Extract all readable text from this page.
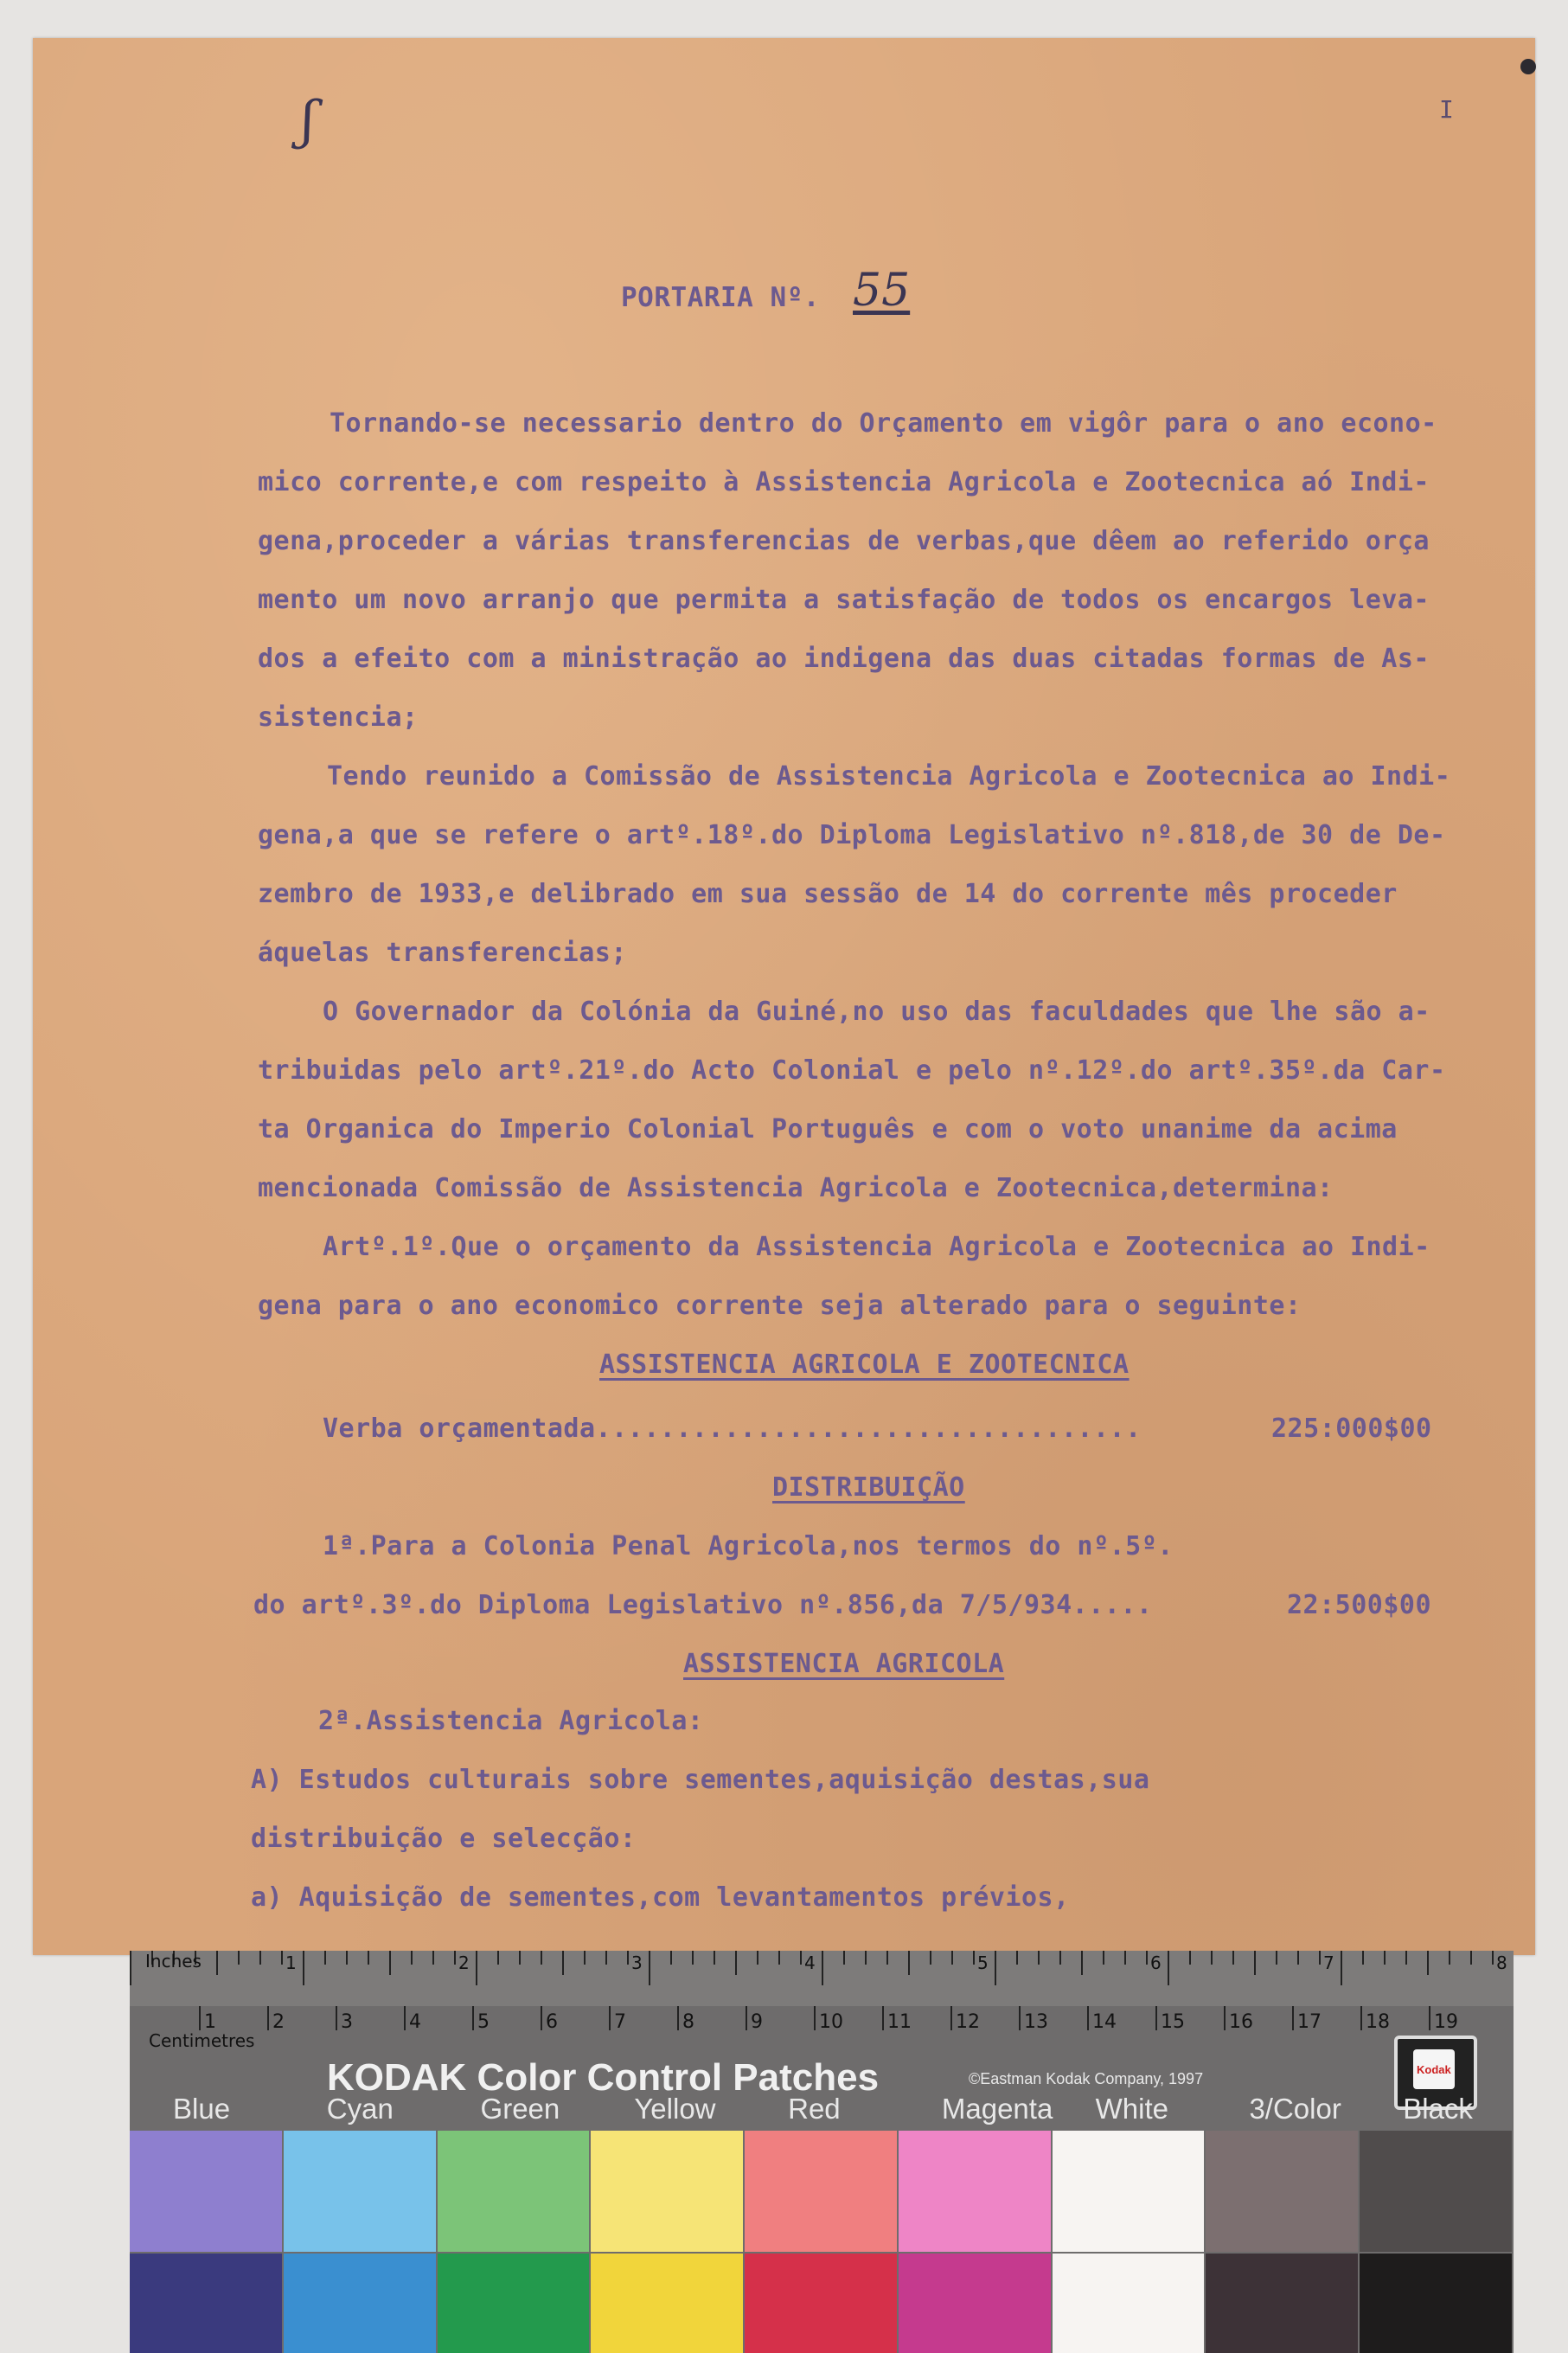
I
ʃ
PORTARIA Nº. 55
Tornando-se necessario dentro do Orçamento em vigôr para o ano econo-
mico corrente,e com respeito à Assistencia Agricola e Zootecnica aó Indi-
gena,proceder a várias transferencias de verbas,que dêem ao referido orça
mento um novo arranjo que permita a satisfação de todos os encargos leva-
dos a efeito com a ministração ao indigena das duas citadas formas de As-
sistencia;
Tendo reunido a Comissão de Assistencia Agricola e Zootecnica ao Indi-
gena,a que se refere o artº.18º.do Diploma Legislativo nº.818,de 30 de De-
zembro de 1933,e delibrado em sua sessão de 14 do corrente mês proceder
áquelas transferencias;
O Governador da Colónia da Guiné,no uso das faculdades que lhe são a-
tribuidas pelo artº.21º.do Acto Colonial e pelo nº.12º.do artº.35º.da Car-
ta Organica do Imperio Colonial Português e com o voto unanime da acima
mencionada Comissão de Assistencia Agricola e Zootecnica,determina:
Artº.1º.Que o orçamento da Assistencia Agricola e Zootecnica ao Indi-
gena para o ano economico corrente seja alterado para o seguinte:
ASSISTENCIA AGRICOLA E ZOOTECNICA
Verba orçamentada..................................	225:000$00
DISTRIBUIÇÃO
1ª.Para a Colonia Penal Agricola,nos termos do nº.5º.
do artº.3º.do Diploma Legislativo nº.856,da 7/5/934.....	22:500$00
ASSISTENCIA AGRICOLA
2ª.Assistencia Agricola:
A) Estudos culturais sobre sementes,aquisição destas,sua
distribuição e selecção:
a) Aquisição de sementes,com levantamentos prévios,
1	2	3	4	5	6	7	8
Inches
1	2	3	4	5	6	7	8	9	10 11 12 13 14 15 16 17 18 19
Centimetres
KODAK Color Control Patches	©Eastman Kodak Company, 1997
Kodak
Blue	Cyan	Green	Yellow	Red	Magenta White	3/Color Black
